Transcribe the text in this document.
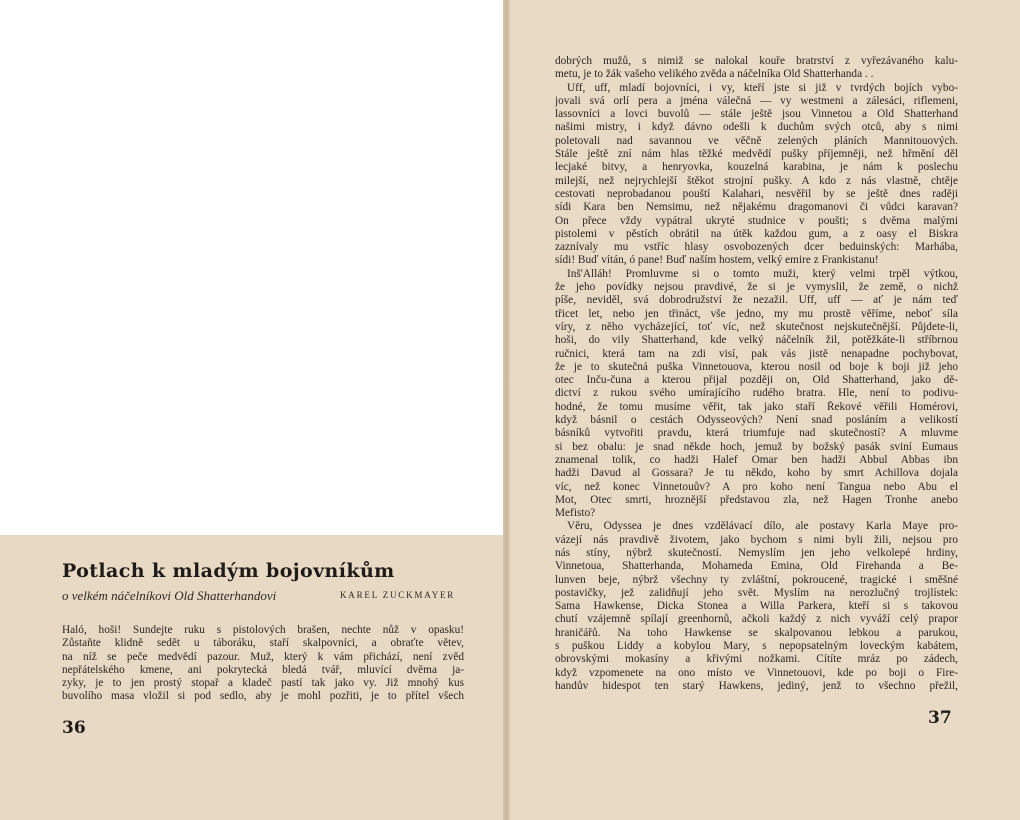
Potlach k mladým bojovníkům
o velkém náčelníkovi Old Shatterhandovi	KAREL ZUCKMAYER
Haló, hoši! Sundejte ruku s pistolových brašen, nechte nůž v opasku!
Zůstaňte klidně sedět u táboráku, staří skalpovníci, a obraťte větev,
na níž se peče medvědí pazour. Muž, který k vám přichází, není zvěd
nepřátelského kmene, ani pokrytecká bledá tvář, mluvící dvěma ja-
zyky, je to jen prostý stopař a kladeč pastí tak jako vy. Již mnohý kus
buvolího masa vložil si pod sedlo, aby je mohl pozřiti, je to přítel všech
36
dobrých mužů, s nimiž se nalokal kouře bratrství z vyřezávaného kalu-
metu, je to žák vašeho velikého zvěda a náčelníka Old Shatterhanda . .
Uff, uff, mladí bojovníci, i vy, kteří jste si již v tvrdých bojích vybo-
jovali svá orlí pera a jména válečná — vy westmeni a zálesáci, riflemeni,
lassovníci a lovci buvolů — stále ještě jsou Vinnetou a Old Shatterhand
našimi mistry, i když dávno odešli k duchům svých otců, aby s nimi
poletovali nad savannou ve věčně zelených pláních Mannitouových.
Stále ještě zní nám hlas těžké medvědí pušky příjemněji, než hřmění děl
lecjaké bitvy, a henryovka, kouzelná karabina, je nám k poslechu
milejší, než nejrychlejší štěkot strojní pušky. A kdo z nás vlastně, chtěje
cestovati neprobadanou pouští Kalahari, nesvěřil by se ještě dnes raději
sídi Kara ben Nemsimu, než nějakému dragomanovi či vůdci karavan?
On přece vždy vypátral ukryté studnice v poušti; s dvěma malými
pistolemi v pěstích obrátil na útěk každou gum, a z oasy el Biskra
zaznívaly mu vstříc hlasy osvobozených dcer beduinských: Marhába,
sídi! Buď vítán, ó pane! Buď naším hostem, velký emire z Frankistanu!
Inš'Alláh! Promluvme si o tomto muži, který velmi trpěl výtkou,
že jeho povídky nejsou pravdivé, že si je vymyslil, že země, o nichž
píše, neviděl, svá dobrodružství že nezažil. Uff, uff — ať je nám teď
třicet let, nebo jen třináct, vše jedno, my mu prostě věříme, neboť síla
víry, z něho vycházející, toť víc, než skutečnost nejskutečnější. Půjdete-li,
hoši, do vily Shatterhand, kde velký náčelník žil, potěžkáte-li stříbrnou
ručnici, která tam na zdi visí, pak vás jistě nenapadne pochybovat,
že je to skutečná puška Vinnetouova, kterou nosil od boje k boji již jeho
otec Inču-čuna a kterou přijal později on, Old Shatterhand, jako dě-
dictví z rukou svého umírajícího rudého bratra. Hle, není to podivu-
hodné, že tomu musíme věřit, tak jako staří Řekové věřili Homérovi,
když básnil o cestách Odysseových? Není snad posláním a velikostí
básníků vytvořiti pravdu, která triumfuje nad skutečností? A mluvme
si bez obalu: je snad někde hoch, jemuž by božský pasák sviní Eumaus
znamenal tolik, co hadži Halef Omar ben hadži Abbul Abbas ibn
hadži Davud al Gossara? Je tu někdo, koho by smrt Achillova dojala
víc, než konec Vinnetouův? A pro koho není Tangua nebo Abu el
Mot, Otec smrti, hroznější představou zla, než Hagen Tronhe anebo
Mefisto?
Věru, Odyssea je dnes vzdělávací dílo, ale postavy Karla Maye pro-
vázejí nás pravdivě životem, jako bychom s nimi byli žili, nejsou pro
nás stíny, nýbrž skutečností. Nemyslím jen jeho velkolepé hrdiny,
Vinnetoua, Shatterhanda, Mohameda Emina, Old Firehanda a Be-
lunven beje, nýbrž všechny ty zvláštní, pokroucené, tragické i směšné
postavičky, jež zalidňují jeho svět. Myslím na nerozlučný trojlístek:
Sama Hawkense, Dicka Stonea a Willa Parkera, kteří si s takovou
chutí vzájemně spílají greenhornů, ačkoli každý z nich vyváží celý prapor
hraničářů. Na toho Hawkense se skalpovanou lebkou a parukou,
s puškou Liddy a kobylou Mary, s nepopsatelným loveckým kabátem,
obrovskými mokasíny a křivými nožkami. Cítíte mráz po zádech,
když vzpomenete na ono místo ve Vinnetouovi, kde po boji o Fire-
handův hidespot ten starý Hawkens, jediný, jenž to všechno přežil,
37
